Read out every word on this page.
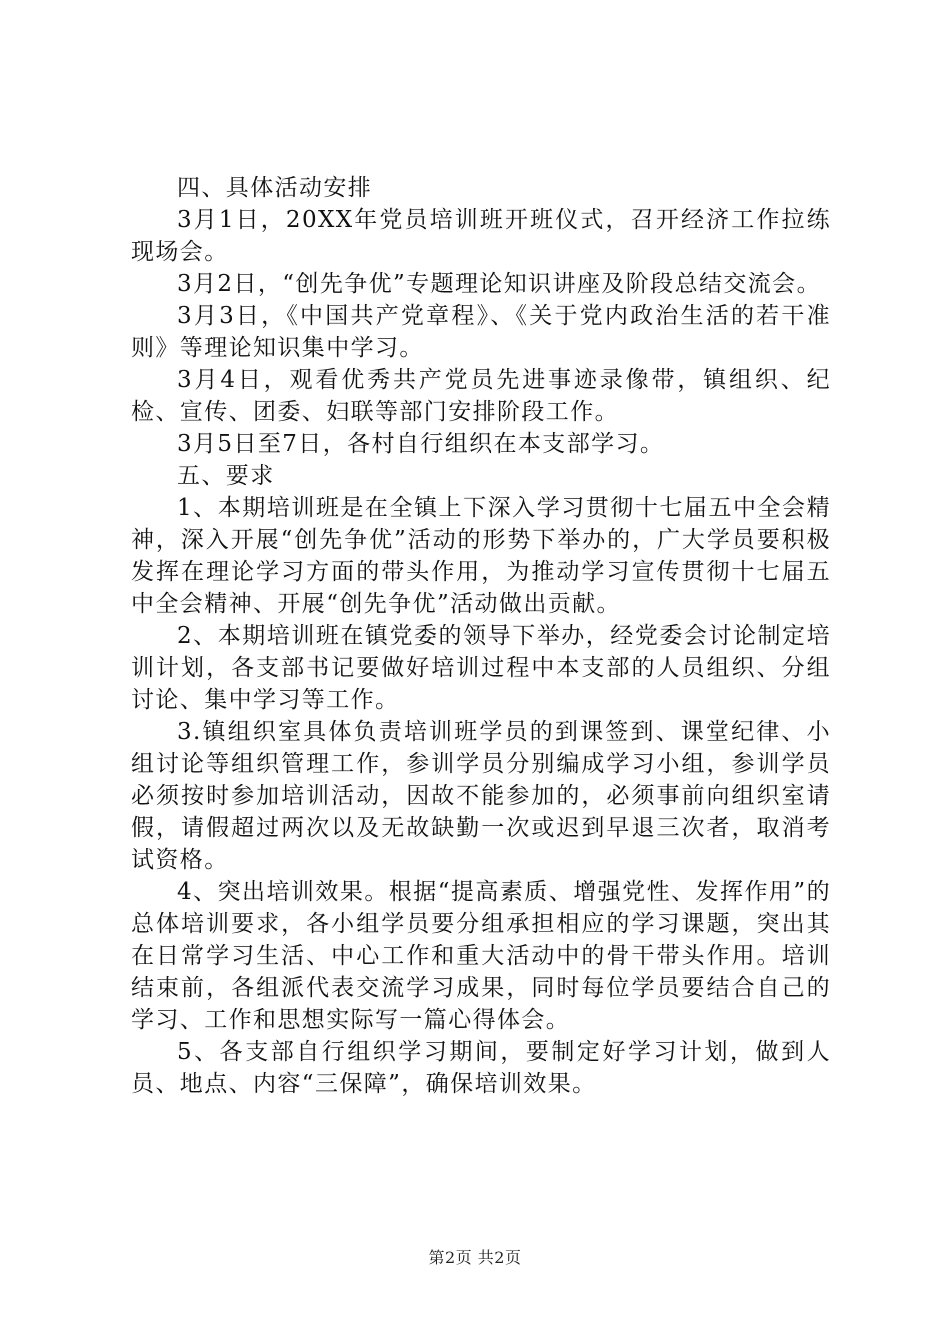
四、具体活动安排

3月1日，20XX年党员培训班开班仪式，召开经济工作拉练现场会。

3月2日，“创先争优”专题理论知识讲座及阶段总结交流会。

3月3日，《中国共产党章程》、《关于党内政治生活的若干准则》等理论知识集中学习。

3月4日，观看优秀共产党员先进事迹录像带，镇组织、纪检、宣传、团委、妇联等部门安排阶段工作。

3月5日至7日，各村自行组织在本支部学习。

五、要求

1、本期培训班是在全镇上下深入学习贯彻十七届五中全会精神，深入开展“创先争优”活动的形势下举办的，广大学员要积极发挥在理论学习方面的带头作用，为推动学习宣传贯彻十七届五中全会精神、开展“创先争优”活动做出贡献。

2、本期培训班在镇党委的领导下举办，经党委会讨论制定培训计划，各支部书记要做好培训过程中本支部的人员组织、分组讨论、集中学习等工作。

3.镇组织室具体负责培训班学员的到课签到、课堂纪律、小组讨论等组织管理工作，参训学员分别编成学习小组，参训学员必须按时参加培训活动，因故不能参加的，必须事前向组织室请假，请假超过两次以及无故缺勤一次或迟到早退三次者，取消考试资格。

4、突出培训效果。根据“提高素质、增强党性、发挥作用”的总体培训要求，各小组学员要分组承担相应的学习课题，突出其在日常学习生活、中心工作和重大活动中的骨干带头作用。培训结束前，各组派代表交流学习成果，同时每位学员要结合自己的学习、工作和思想实际写一篇心得体会。

5、各支部自行组织学习期间，要制定好学习计划，做到人员、地点、内容“三保障”，确保培训效果。

第2页 共2页
